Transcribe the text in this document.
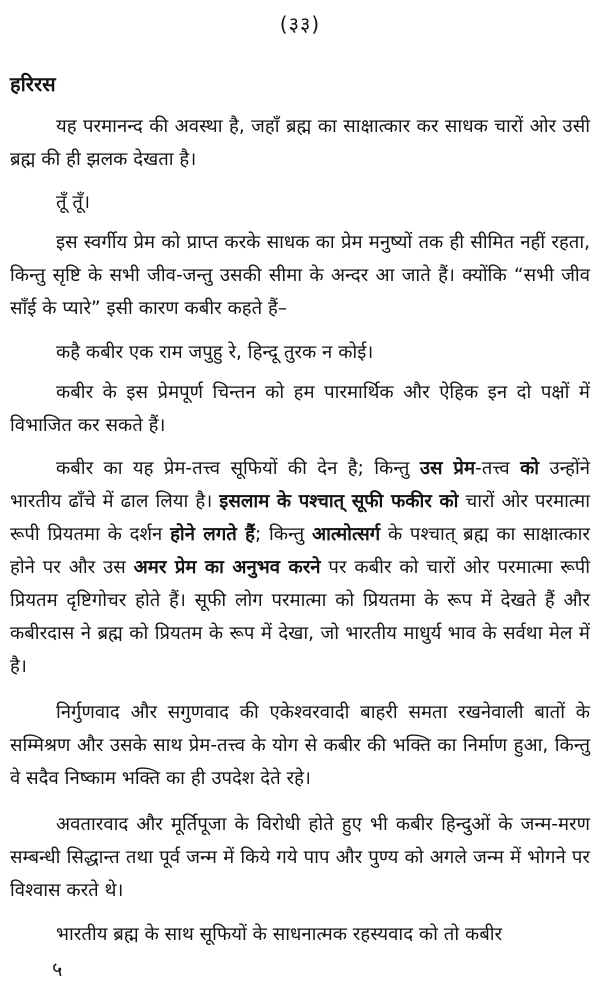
(३३)
हरिरस

यह परमानन्द की अवस्था है, जहाँ ब्रह्म का साक्षात्कार कर साधक चारों ओर उसी ब्रह्म की ही झलक देखता है।

तूँ तूँ।

इस स्वर्गीय प्रेम को प्राप्त करके साधक का प्रेम मनुष्यों तक ही सीमित नहीं रहता, किन्तु सृष्टि के सभी जीव-जन्तु उसकी सीमा के अन्दर आ जाते हैं। क्योंकि “सभी जीव साँई के प्यारे” इसी कारण कबीर कहते हैं–

कहै कबीर एक राम जपुहु रे, हिन्दू तुरक न कोई।

कबीर के इस प्रेमपूर्ण चिन्तन को हम पारमार्थिक और ऐहिक इन दो पक्षों में विभाजित कर सकते हैं।

कबीर का यह प्रेम-तत्त्व सूफियों की देन है; किन्तु उस प्रेम-तत्त्व को उन्होंने भारतीय ढाँचे में ढाल लिया है। इसलाम के पश्चात् सूफी फकीर को चारों ओर परमात्मा रूपी प्रियतमा के दर्शन होने लगते हैं; किन्तु आत्मोत्सर्ग के पश्चात् ब्रह्म का साक्षात्कार होने पर और उस अमर प्रेम का अनुभव करने पर कबीर को चारों ओर परमात्मा रूपी प्रियतम दृष्टिगोचर होते हैं। सूफी लोग परमात्मा को प्रियतमा के रूप में देखते हैं और कबीरदास ने ब्रह्म को प्रियतम के रूप में देखा, जो भारतीय माधुर्य भाव के सर्वथा मेल में है।

निर्गुणवाद और सगुणवाद की एकेश्वरवादी बाहरी समता रखनेवाली बातों के सम्मिश्रण और उसके साथ प्रेम-तत्त्व के योग से कबीर की भक्ति का निर्माण हुआ, किन्तु वे सदैव निष्काम भक्ति का ही उपदेश देते रहे।

अवतारवाद और मूर्तिपूजा के विरोधी होते हुए भी कबीर हिन्दुओं के जन्म-मरण सम्बन्धी सिद्धान्त तथा पूर्व जन्म में किये गये पाप और पुण्य को अगले जन्म में भोगने पर विश्वास करते थे।

भारतीय ब्रह्म के साथ सूफियों के साधनात्मक रहस्यवाद को तो कबीर

५
